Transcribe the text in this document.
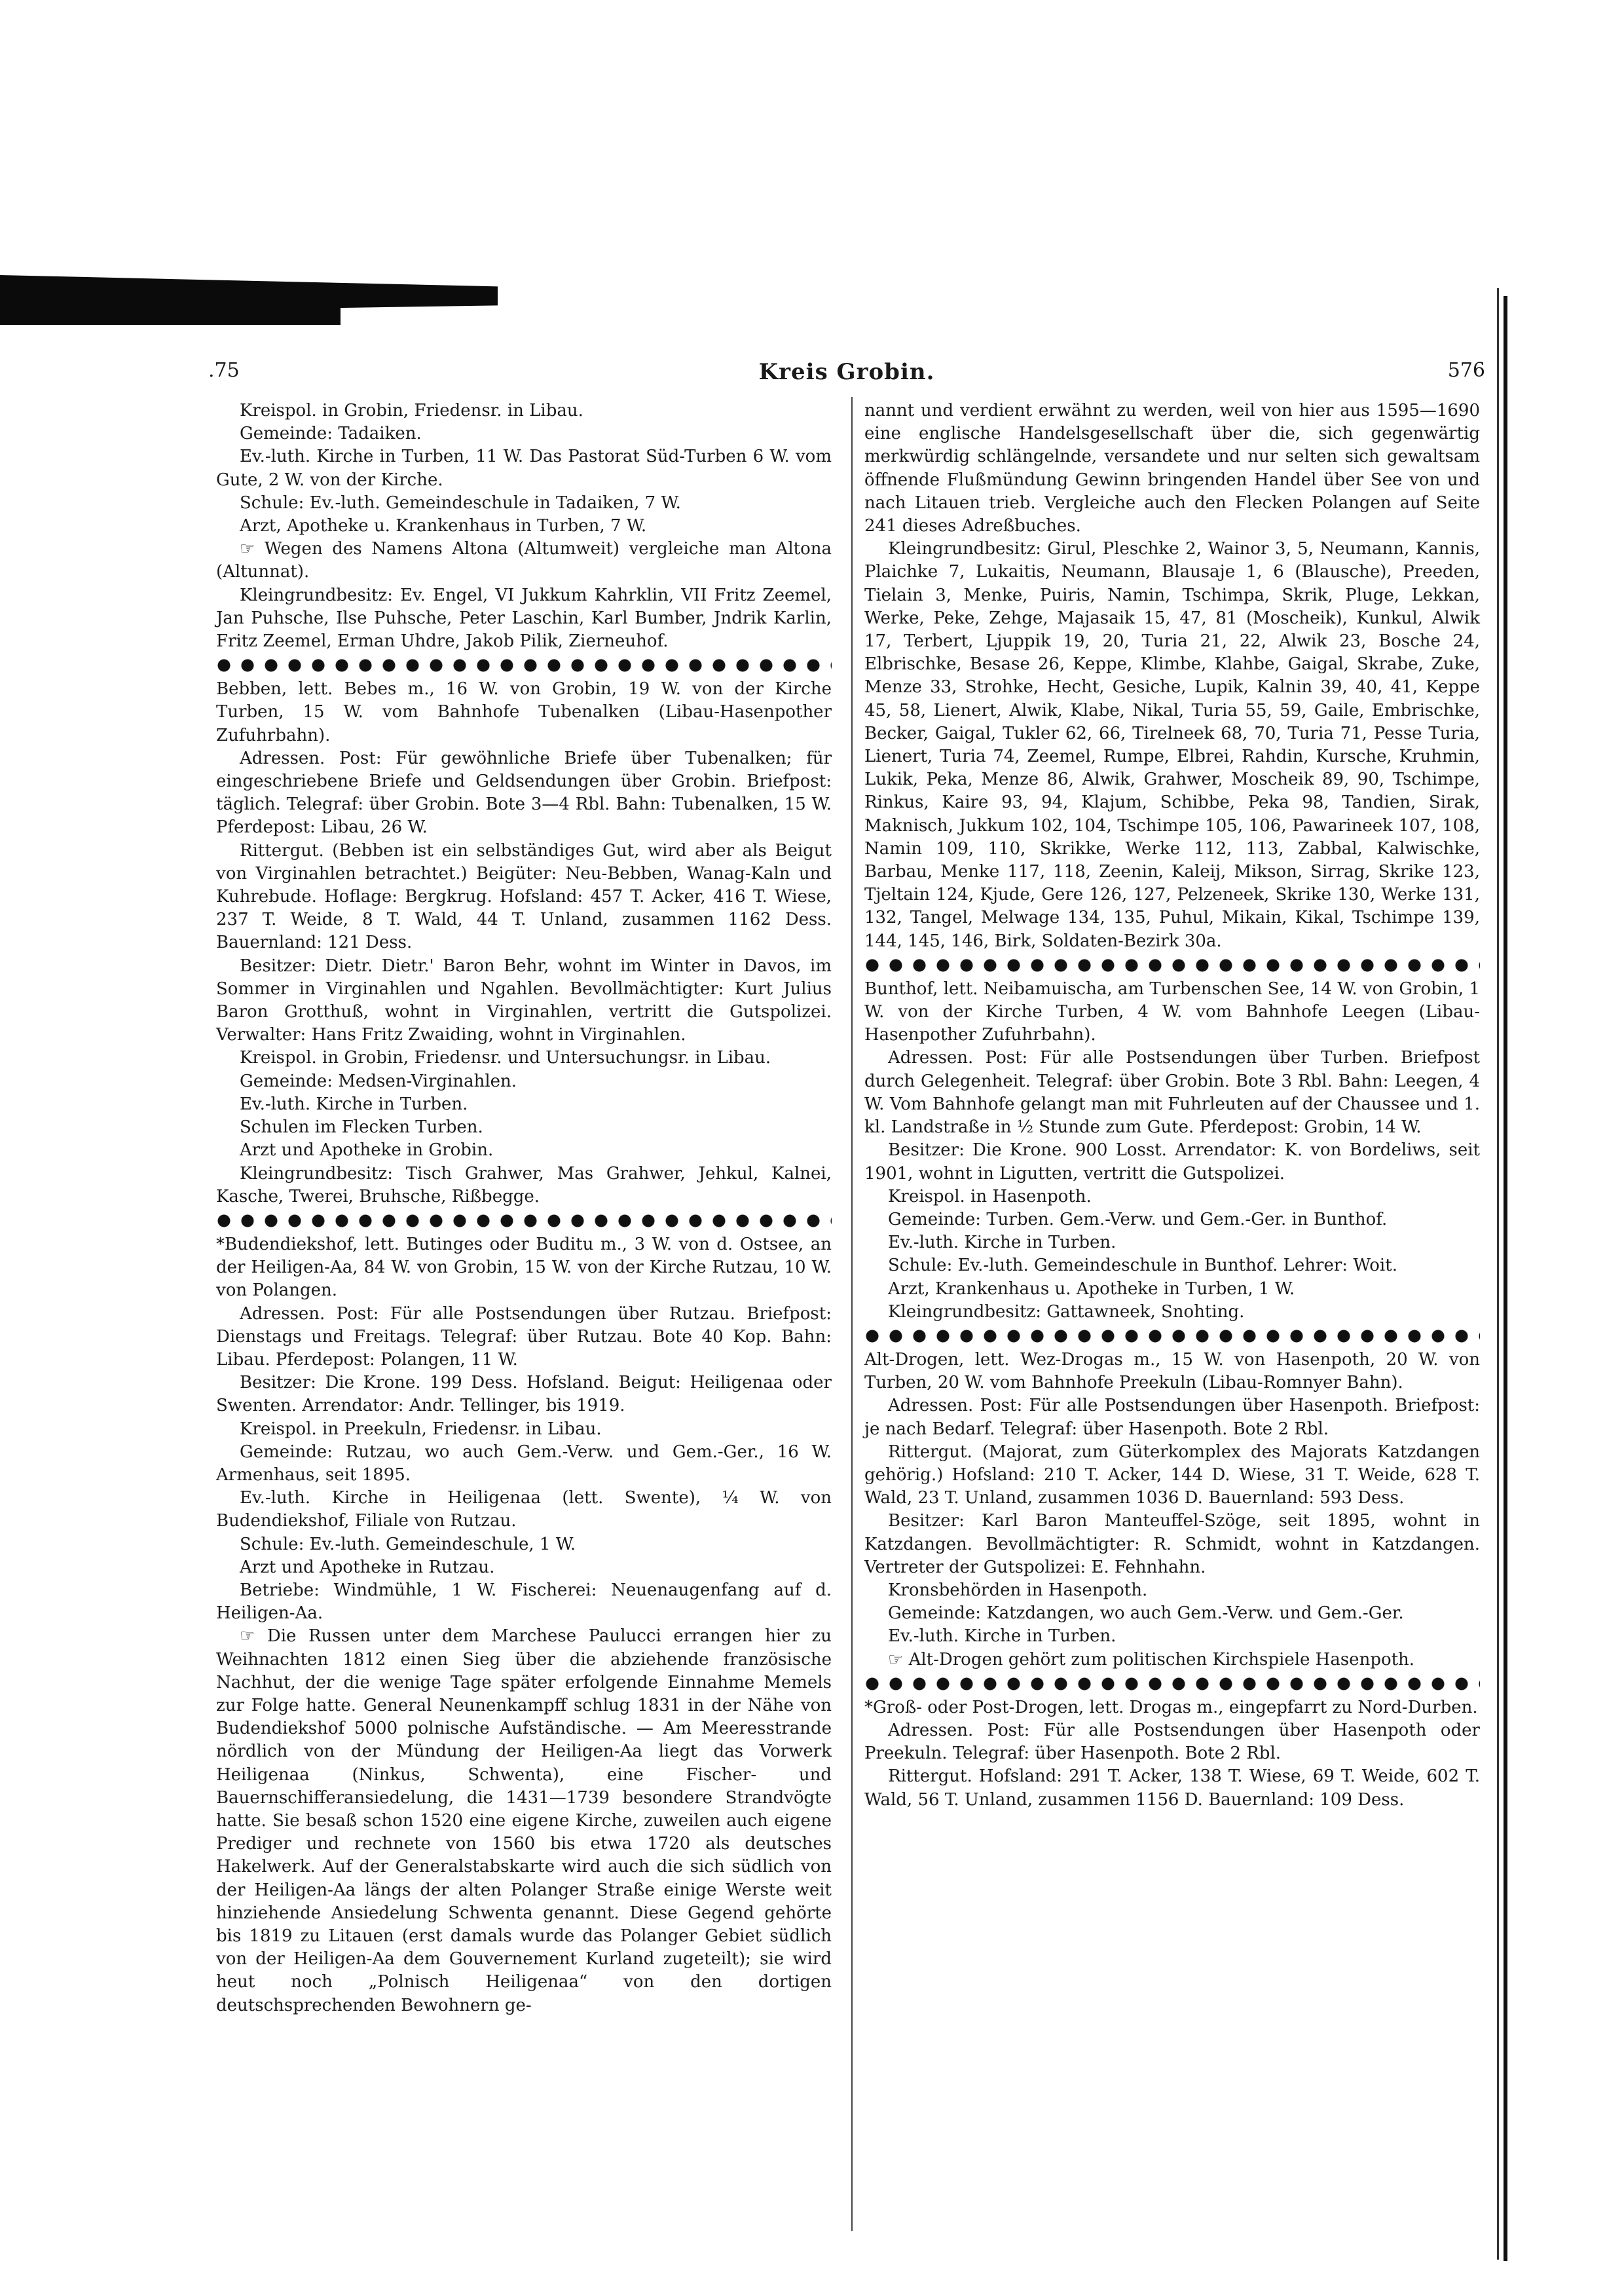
.75	Kreis Grobin.	576

Kreispol. in Grobin, Friedensr. in Libau.

Gemeinde: Tadaiken.

Ev.-luth. Kirche in Turben, 11 W. Das Pastorat Süd-Turben 6 W. vom Gute, 2 W. von der Kirche.

Schule: Ev.-luth. Gemeindeschule in Tadaiken, 7 W.

Arzt, Apotheke u. Krankenhaus in Turben, 7 W.

☞ Wegen des Namens Altona (Altumweit) vergleiche man Altona (Altunnat).

Kleingrundbesitz: Ev. Engel, VI Jukkum Kahrklin, VII Fritz Zeemel, Jan Puhsche, Ilse Puhsche, Peter Laschin, Karl Bumber, Jndrik Karlin, Fritz Zeemel, Erman Uhdre, Jakob Pilik, Zierneuhof.

Bebben, lett. Bebes m., 16 W. von Grobin, 19 W. von der Kirche Turben, 15 W. vom Bahnhofe Tubenalken (Libau-Hasenpother Zufuhrbahn).

Adressen. Post: Für gewöhnliche Briefe über Tubenalken; für eingeschriebene Briefe und Geldsendungen über Grobin. Briefpost: täglich. Telegraf: über Grobin. Bote 3—4 Rbl. Bahn: Tubenalken, 15 W. Pferdepost: Libau, 26 W.

Rittergut. (Bebben ist ein selbständiges Gut, wird aber als Beigut von Virginahlen betrachtet.) Beigüter: Neu-Bebben, Wanag-Kaln und Kuhrebude. Hoflage: Bergkrug. Hofsland: 457 T. Acker, 416 T. Wiese, 237 T. Weide, 8 T. Wald, 44 T. Unland, zusammen 1162 Dess. Bauernland: 121 Dess.

Besitzer: Dietr. Dietr.' Baron Behr, wohnt im Winter in Davos, im Sommer in Virginahlen und Ngahlen. Bevollmächtigter: Kurt Julius Baron Grotthuß, wohnt in Virginahlen, vertritt die Gutspolizei. Verwalter: Hans Fritz Zwaiding, wohnt in Virginahlen.

Kreispol. in Grobin, Friedensr. und Untersuchungsr. in Libau.

Gemeinde: Medsen-Virginahlen.

Ev.-luth. Kirche in Turben.

Schulen im Flecken Turben.

Arzt und Apotheke in Grobin.

Kleingrundbesitz: Tisch Grahwer, Mas Grahwer, Jehkul, Kalnei, Kasche, Twerei, Bruhsche, Rißbegge.

*Budendiekshof, lett. Butinges oder Buditu m., 3 W. von d. Ostsee, an der Heiligen-Aa, 84 W. von Grobin, 15 W. von der Kirche Rutzau, 10 W. von Polangen.

Adressen. Post: Für alle Postsendungen über Rutzau. Briefpost: Dienstags und Freitags. Telegraf: über Rutzau. Bote 40 Kop. Bahn: Libau. Pferdepost: Polangen, 11 W.

Besitzer: Die Krone. 199 Dess. Hofsland. Beigut: Heiligenaa oder Swenten. Arrendator: Andr. Tellinger, bis 1919.

Kreispol. in Preekuln, Friedensr. in Libau.

Gemeinde: Rutzau, wo auch Gem.-Verw. und Gem.-Ger., 16 W. Armenhaus, seit 1895.

Ev.-luth. Kirche in Heiligenaa (lett. Swente), ¼ W. von Budendiekshof, Filiale von Rutzau.

Schule: Ev.-luth. Gemeindeschule, 1 W.

Arzt und Apotheke in Rutzau.

Betriebe: Windmühle, 1 W. Fischerei: Neuenaugenfang auf d. Heiligen-Aa.

☞ Die Russen unter dem Marchese Paulucci errangen hier zu Weihnachten 1812 einen Sieg über die abziehende französische Nachhut, der die wenige Tage später erfolgende Einnahme Memels zur Folge hatte. General Neunenkampff schlug 1831 in der Nähe von Budendiekshof 5000 polnische Aufständische. — Am Meeresstrande nördlich von der Mündung der Heiligen-Aa liegt das Vorwerk Heiligenaa (Ninkus, Schwenta), eine Fischer- und Bauernschifferansiedelung, die 1431—1739 besondere Strandvögte hatte. Sie besaß schon 1520 eine eigene Kirche, zuweilen auch eigene Prediger und rechnete von 1560 bis etwa 1720 als deutsches Hakelwerk. Auf der Generalstabskarte wird auch die sich südlich von der Heiligen-Aa längs der alten Polanger Straße einige Werste weit hinziehende Ansiedelung Schwenta genannt. Diese Gegend gehörte bis 1819 zu Litauen (erst damals wurde das Polanger Gebiet südlich von der Heiligen-Aa dem Gouvernement Kurland zugeteilt); sie wird heut noch „Polnisch Heiligenaa“ von den dortigen deutschsprechenden Bewohnern ge-

nannt und verdient erwähnt zu werden, weil von hier aus 1595—1690 eine englische Handelsgesellschaft über die, sich gegenwärtig merkwürdig schlängelnde, versandete und nur selten sich gewaltsam öffnende Flußmündung Gewinn bringenden Handel über See von und nach Litauen trieb. Vergleiche auch den Flecken Polangen auf Seite 241 dieses Adreßbuches.

Kleingrundbesitz: Girul, Pleschke 2, Wainor 3, 5, Neumann, Kannis, Plaichke 7, Lukaitis, Neumann, Blausaje 1, 6 (Blausche), Preeden, Tielain 3, Menke, Puiris, Namin, Tschimpa, Skrik, Pluge, Lekkan, Werke, Peke, Zehge, Majasaik 15, 47, 81 (Moscheik), Kunkul, Alwik 17, Terbert, Ljuppik 19, 20, Turia 21, 22, Alwik 23, Bosche 24, Elbrischke, Besase 26, Keppe, Klimbe, Klahbe, Gaigal, Skrabe, Zuke, Menze 33, Strohke, Hecht, Gesiche, Lupik, Kalnin 39, 40, 41, Keppe 45, 58, Lienert, Alwik, Klabe, Nikal, Turia 55, 59, Gaile, Embrischke, Becker, Gaigal, Tukler 62, 66, Tirelneek 68, 70, Turia 71, Pesse Turia, Lienert, Turia 74, Zeemel, Rumpe, Elbrei, Rahdin, Kursche, Kruhmin, Lukik, Peka, Menze 86, Alwik, Grahwer, Moscheik 89, 90, Tschimpe, Rinkus, Kaire 93, 94, Klajum, Schibbe, Peka 98, Tandien, Sirak, Maknisch, Jukkum 102, 104, Tschimpe 105, 106, Pawarineek 107, 108, Namin 109, 110, Skrikke, Werke 112, 113, Zabbal, Kalwischke, Barbau, Menke 117, 118, Zeenin, Kaleij, Mikson, Sirrag, Skrike 123, Tjeltain 124, Kjude, Gere 126, 127, Pelzeneek, Skrike 130, Werke 131, 132, Tangel, Melwage 134, 135, Puhul, Mikain, Kikal, Tschimpe 139, 144, 145, 146, Birk, Soldaten-Bezirk 30a.

Bunthof, lett. Neibamuischa, am Turbenschen See, 14 W. von Grobin, 1 W. von der Kirche Turben, 4 W. vom Bahnhofe Leegen (Libau-Hasenpother Zufuhrbahn).

Adressen. Post: Für alle Postsendungen über Turben. Briefpost durch Gelegenheit. Telegraf: über Grobin. Bote 3 Rbl. Bahn: Leegen, 4 W. Vom Bahnhofe gelangt man mit Fuhrleuten auf der Chaussee und 1. kl. Landstraße in ½ Stunde zum Gute. Pferdepost: Grobin, 14 W.

Besitzer: Die Krone. 900 Losst. Arrendator: K. von Bordeliws, seit 1901, wohnt in Ligutten, vertritt die Gutspolizei.

Kreispol. in Hasenpoth.

Gemeinde: Turben. Gem.-Verw. und Gem.-Ger. in Bunthof.

Ev.-luth. Kirche in Turben.

Schule: Ev.-luth. Gemeindeschule in Bunthof. Lehrer: Woit.

Arzt, Krankenhaus u. Apotheke in Turben, 1 W.

Kleingrundbesitz: Gattawneek, Snohting.

Alt-Drogen, lett. Wez-Drogas m., 15 W. von Hasenpoth, 20 W. von Turben, 20 W. vom Bahnhofe Preekuln (Libau-Romnyer Bahn).

Adressen. Post: Für alle Postsendungen über Hasenpoth. Briefpost: je nach Bedarf. Telegraf: über Hasenpoth. Bote 2 Rbl.

Rittergut. (Majorat, zum Güterkomplex des Majorats Katzdangen gehörig.) Hofsland: 210 T. Acker, 144 D. Wiese, 31 T. Weide, 628 T. Wald, 23 T. Unland, zusammen 1036 D. Bauernland: 593 Dess.

Besitzer: Karl Baron Manteuffel-Szöge, seit 1895, wohnt in Katzdangen. Bevollmächtigter: R. Schmidt, wohnt in Katzdangen. Vertreter der Gutspolizei: E. Fehnhahn.

Kronsbehörden in Hasenpoth.

Gemeinde: Katzdangen, wo auch Gem.-Verw. und Gem.-Ger.

Ev.-luth. Kirche in Turben.

☞ Alt-Drogen gehört zum politischen Kirchspiele Hasenpoth.

*Groß- oder Post-Drogen, lett. Drogas m., eingepfarrt zu Nord-Durben.

Adressen. Post: Für alle Postsendungen über Hasenpoth oder Preekuln. Telegraf: über Hasenpoth. Bote 2 Rbl.

Rittergut. Hofsland: 291 T. Acker, 138 T. Wiese, 69 T. Weide, 602 T. Wald, 56 T. Unland, zusammen 1156 D. Bauernland: 109 Dess.
